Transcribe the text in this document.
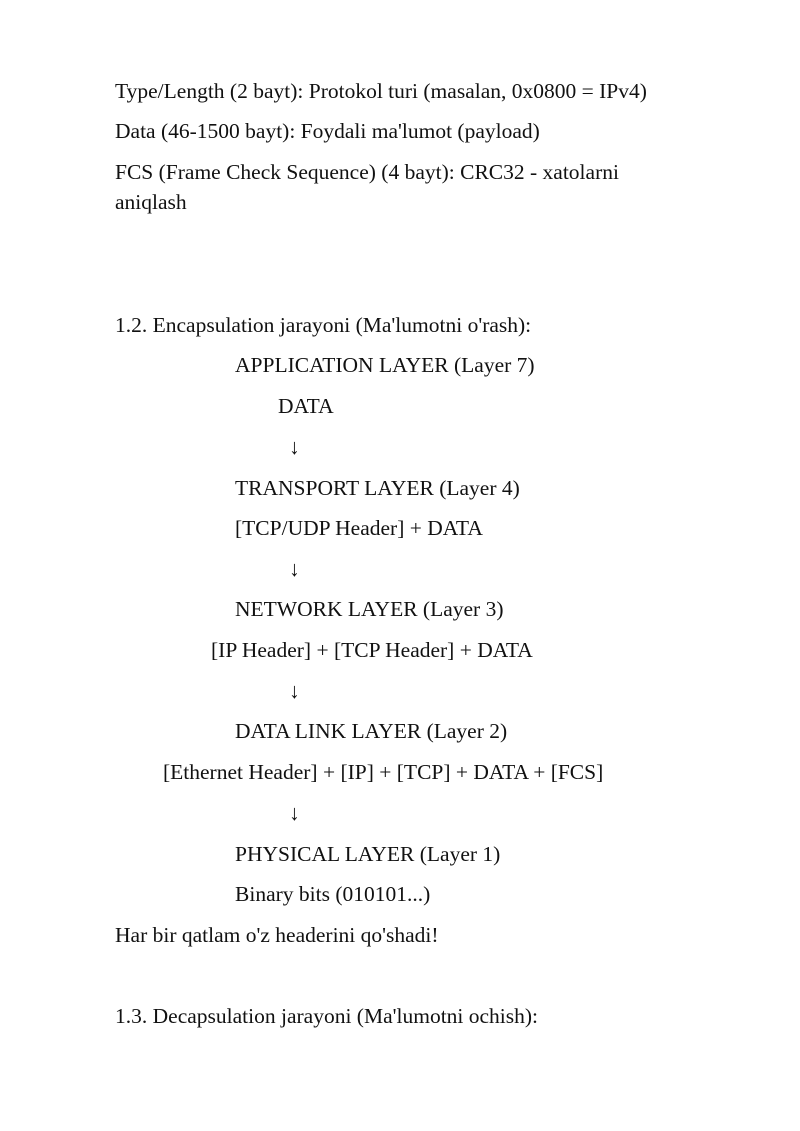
Type/Length (2 bayt): Protokol turi (masalan, 0x0800 = IPv4)
Data (46-1500 bayt): Foydali ma'lumot (payload)
FCS (Frame Check Sequence) (4 bayt): CRC32 - xatolarni
aniqlash
1.2. Encapsulation jarayoni (Ma'lumotni o'rash):
APPLICATION LAYER (Layer 7)
DATA
↓
TRANSPORT LAYER (Layer 4)
[TCP/UDP Header] + DATA
↓
NETWORK LAYER (Layer 3)
[IP Header] + [TCP Header] + DATA
↓
DATA LINK LAYER (Layer 2)
[Ethernet Header] + [IP] + [TCP] + DATA + [FCS]
↓
PHYSICAL LAYER (Layer 1)
Binary bits (010101...)
Har bir qatlam o'z headerini qo'shadi!
1.3. Decapsulation jarayoni (Ma'lumotni ochish):
